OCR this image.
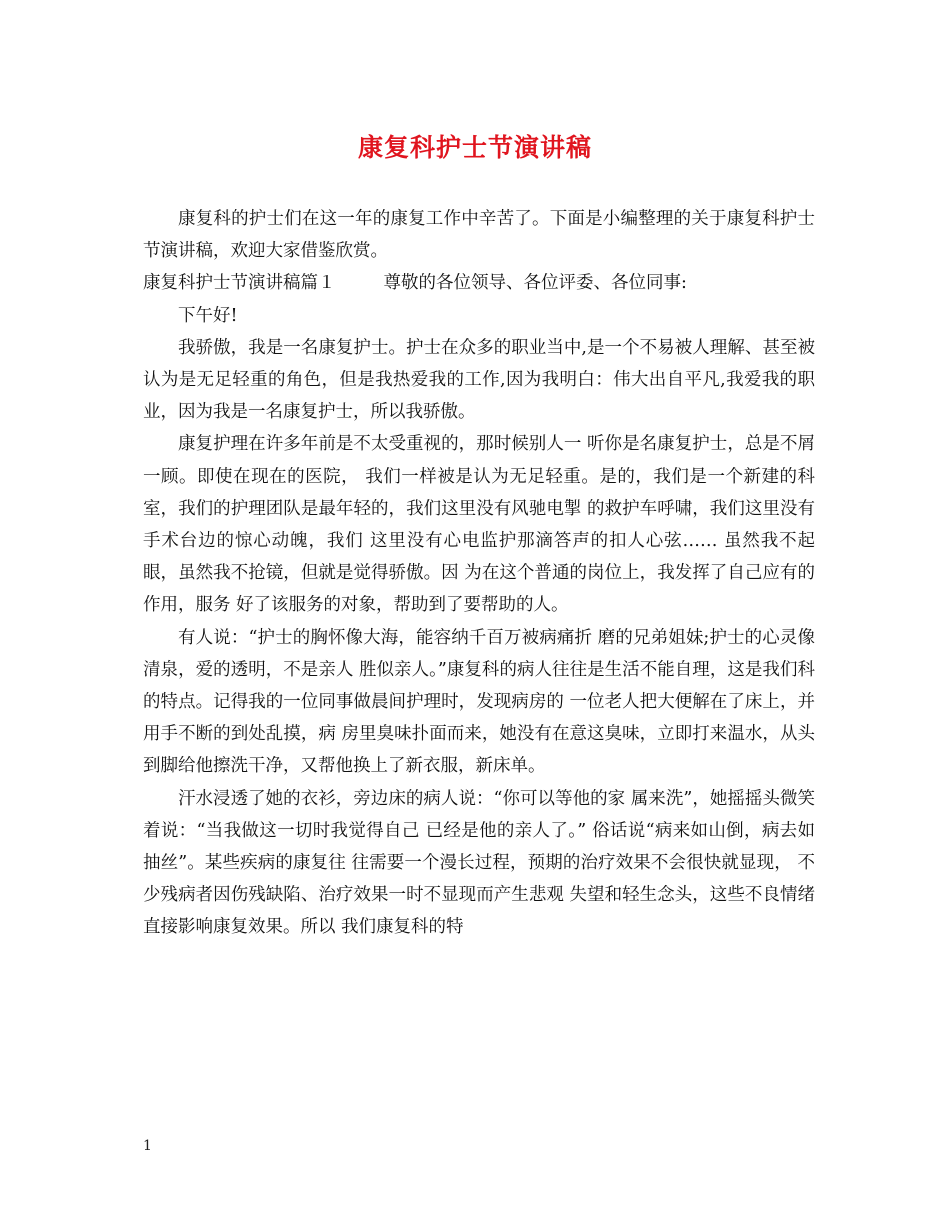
康复科护士节演讲稿

康复科的护士们在这一年的康复工作中辛苦了。下面是小编整理的关于康复科护士节演讲稿，欢迎大家借鉴欣赏。

康复科护士节演讲稿篇１	尊敬的各位领导、各位评委、各位同事:

下午好!

我骄傲，我是一名康复护士。护士在众多的职业当中,是一个不易被人理解、甚至被认为是无足轻重的角色，但是我热爱我的工作,因为我明白：伟大出自平凡,我爱我的职业，因为我是一名康复护士，所以我骄傲。

康复护理在许多年前是不太受重视的，那时候别人一 听你是名康复护士，总是不屑一顾。即使在现在的医院， 我们一样被是认为无足轻重。是的，我们是一个新建的科 室，我们的护理团队是最年轻的，我们这里没有风驰电掣 的救护车呼啸，我们这里没有手术台边的惊心动魄，我们 这里没有心电监护那滴答声的扣人心弦…… 虽然我不起眼，虽然我不抢镜，但就是觉得骄傲。因 为在这个普通的岗位上，我发挥了自己应有的作用，服务 好了该服务的对象，帮助到了要帮助的人。

有人说：“护士的胸怀像大海，能容纳千百万被病痛折 磨的兄弟姐妹;护士的心灵像清泉，爱的透明，不是亲人 胜似亲人。”康复科的病人往往是生活不能自理，这是我们科的特点。记得我的一位同事做晨间护理时，发现病房的 一位老人把大便解在了床上，并用手不断的到处乱摸，病 房里臭味扑面而来，她没有在意这臭味，立即打来温水，从头到脚给他擦洗干净，又帮他换上了新衣服，新床单。

汗水浸透了她的衣衫，旁边床的病人说：“你可以等他的家 属来洗”，她摇摇头微笑着说：“当我做这一切时我觉得自己 已经是他的亲人了。” 俗话说“病来如山倒，病去如抽丝”。某些疾病的康复往 往需要一个漫长过程，预期的治疗效果不会很快就显现， 不少残病者因伤残缺陷、治疗效果一时不显现而产生悲观 失望和轻生念头，这些不良情绪直接影响康复效果。所以 我们康复科的特

1
